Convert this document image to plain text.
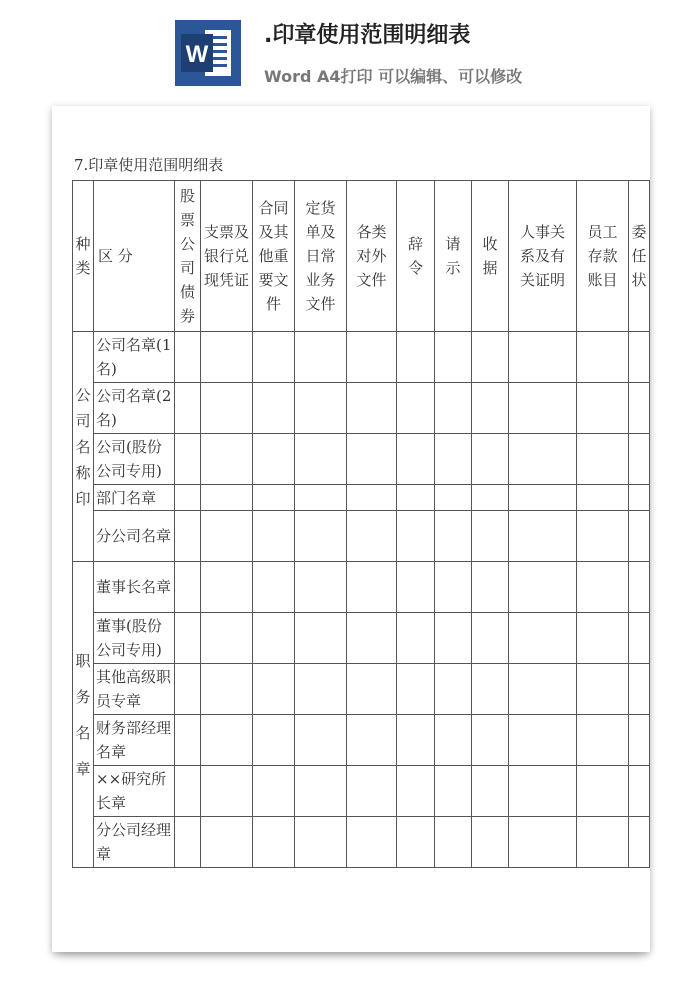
W
.印章使用范围明细表
Word A4打印 可以编辑、可以修改
7.印章使用范围明细表
种类	区 分	股票公司债券	支票及银行兑现凭证	合同及其他重要文件	定货单及日常业务文件	各类对外文件	辞令	请示	收据	人事关系及有关证明	员工存款账目	委任状

公司名称印	公司名章(1名)											

	公司名章(2名)											

	公司(股份公司专用)											

	部门名章											

	分公司名章											

职务名章	董事长名章											

	董事(股份公司专用)											

	其他高级职员专章											

	财务部经理名章											

	××研究所长章											

	分公司经理章											
